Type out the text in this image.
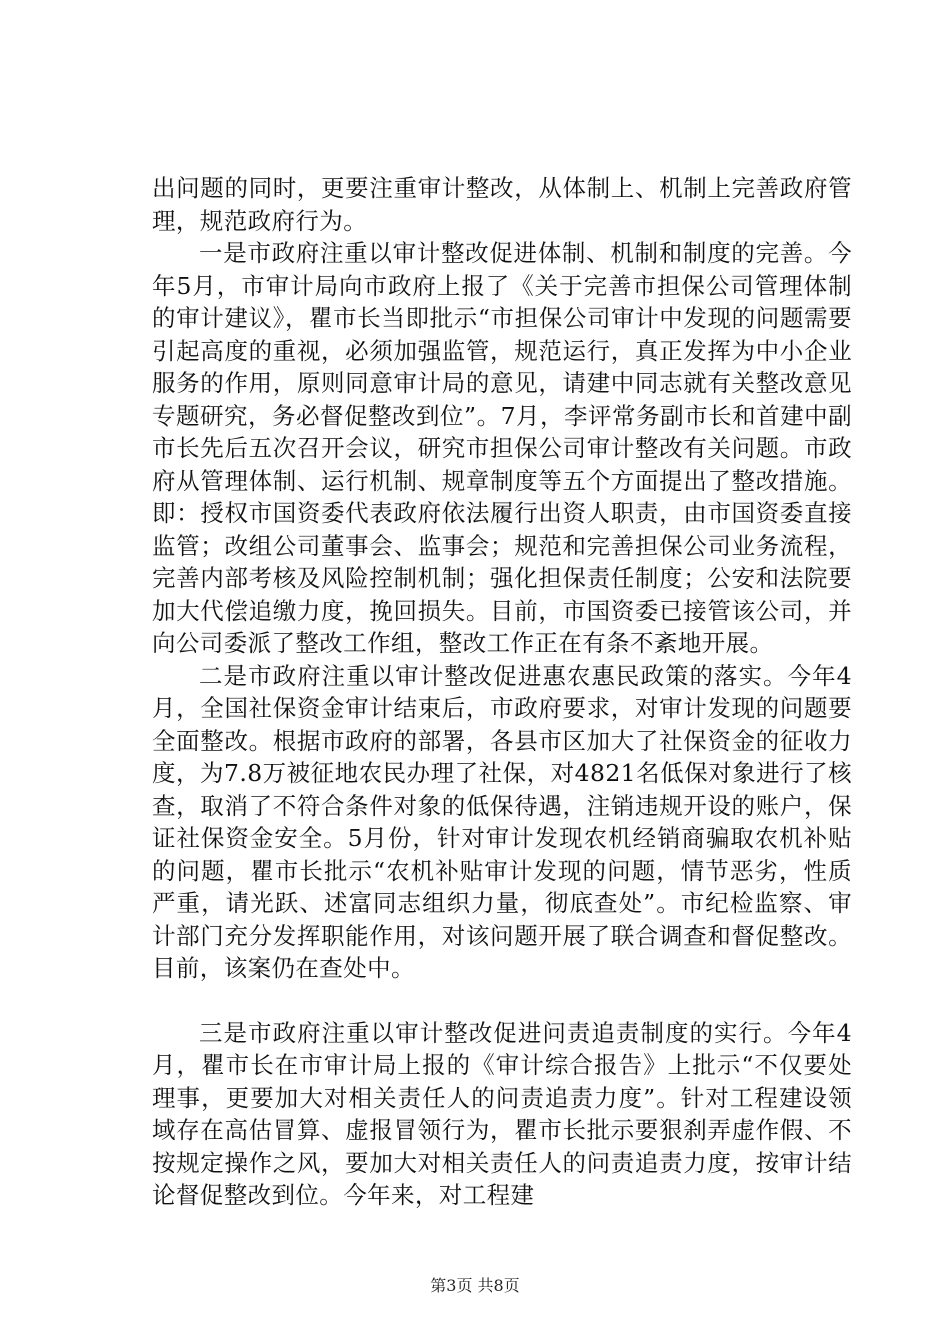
出问题的同时，更要注重审计整改，从体制上、机制上完善政府管理，规范政府行为。

一是市政府注重以审计整改促进体制、机制和制度的完善。今年5月，市审计局向市政府上报了《关于完善市担保公司管理体制的审计建议》，瞿市长当即批示“市担保公司审计中发现的问题需要引起高度的重视，必须加强监管，规范运行，真正发挥为中小企业服务的作用，原则同意审计局的意见，请建中同志就有关整改意见专题研究，务必督促整改到位”。7月，李评常务副市长和首建中副市长先后五次召开会议，研究市担保公司审计整改有关问题。市政府从管理体制、运行机制、规章制度等五个方面提出了整改措施。即：授权市国资委代表政府依法履行出资人职责，由市国资委直接监管；改组公司董事会、监事会；规范和完善担保公司业务流程，完善内部考核及风险控制机制；强化担保责任制度；公安和法院要加大代偿追缴力度，挽回损失。目前，市国资委已接管该公司，并向公司委派了整改工作组，整改工作正在有条不紊地开展。

二是市政府注重以审计整改促进惠农惠民政策的落实。今年4月，全国社保资金审计结束后，市政府要求，对审计发现的问题要全面整改。根据市政府的部署，各县市区加大了社保资金的征收力度，为7.8万被征地农民办理了社保，对4821名低保对象进行了核查，取消了不符合条件对象的低保待遇，注销违规开设的账户，保证社保资金安全。5月份，针对审计发现农机经销商骗取农机补贴的问题，瞿市长批示“农机补贴审计发现的问题，情节恶劣，性质严重，请光跃、述富同志组织力量，彻底查处”。市纪检监察、审计部门充分发挥职能作用，对该问题开展了联合调查和督促整改。目前，该案仍在查处中。

三是市政府注重以审计整改促进问责追责制度的实行。今年4月，瞿市长在市审计局上报的《审计综合报告》上批示“不仅要处理事，更要加大对相关责任人的问责追责力度”。针对工程建设领域存在高估冒算、虚报冒领行为，瞿市长批示要狠刹弄虚作假、不按规定操作之风，要加大对相关责任人的问责追责力度，按审计结论督促整改到位。今年来，对工程建

第3页 共8页
